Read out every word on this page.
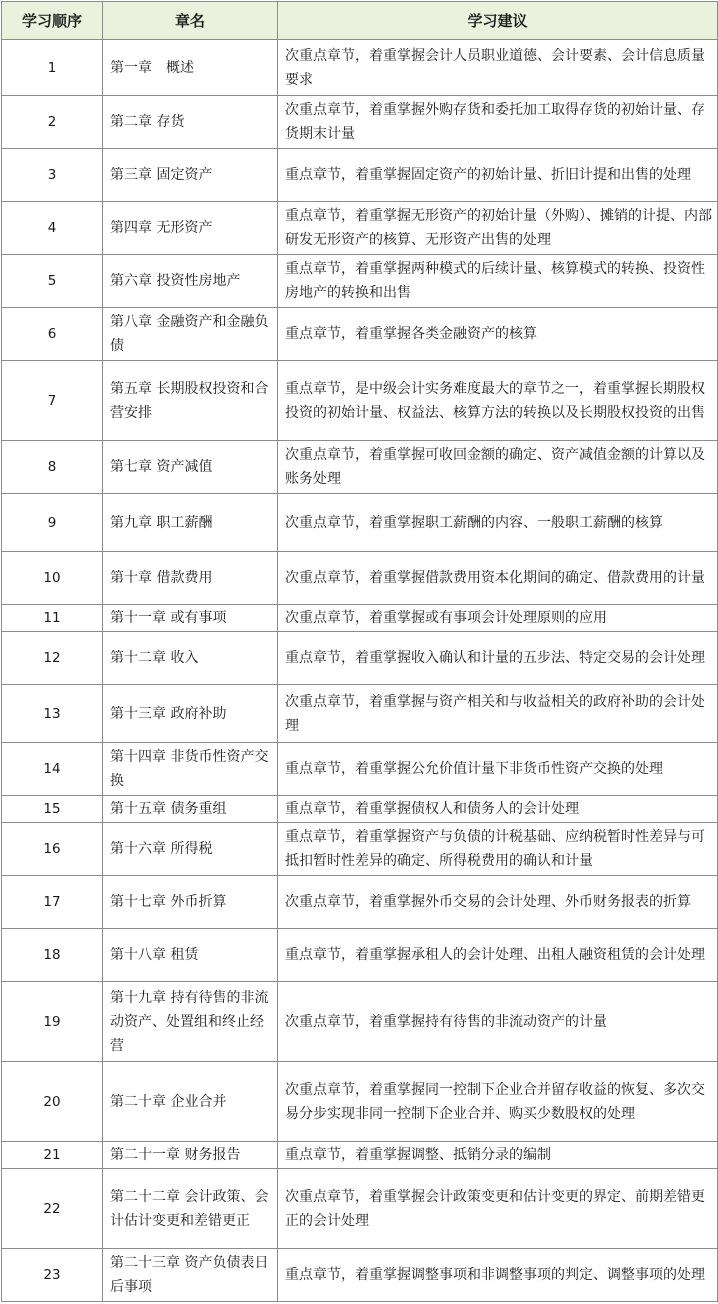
学习顺序	章名	学习建议
1	第一章　概述	次重点章节，着重掌握会计人员职业道德、会计要素、会计信息质量要求
2	第二章 存货	次重点章节，着重掌握外购存货和委托加工取得存货的初始计量、存货期末计量
3	第三章 固定资产	重点章节，着重掌握固定资产的初始计量、折旧计提和出售的处理
4	第四章 无形资产	重点章节，着重掌握无形资产的初始计量（外购）、摊销的计提、内部研发无形资产的核算、无形资产出售的处理
5	第六章 投资性房地产	重点章节，着重掌握两种模式的后续计量、核算模式的转换、投资性房地产的转换和出售
6	第八章 金融资产和金融负债	重点章节，着重掌握各类金融资产的核算
7	第五章 长期股权投资和合营安排	重点章节，是中级会计实务难度最大的章节之一，着重掌握长期股权投资的初始计量、权益法、核算方法的转换以及长期股权投资的出售
8	第七章 资产减值	次重点章节，着重掌握可收回金额的确定、资产减值金额的计算以及账务处理
9	第九章 职工薪酬	次重点章节，着重掌握职工薪酬的内容、一般职工薪酬的核算
10	第十章 借款费用	次重点章节，着重掌握借款费用资本化期间的确定、借款费用的计量
11	第十一章 或有事项	次重点章节，着重掌握或有事项会计处理原则的应用
12	第十二章 收入	重点章节，着重掌握收入确认和计量的五步法、特定交易的会计处理
13	第十三章 政府补助	次重点章节，着重掌握与资产相关和与收益相关的政府补助的会计处理
14	第十四章 非货币性资产交换	重点章节，着重掌握公允价值计量下非货币性资产交换的处理
15	第十五章 债务重组	重点章节，着重掌握债权人和债务人的会计处理
16	第十六章 所得税	重点章节，着重掌握资产与负债的计税基础、应纳税暂时性差异与可抵扣暂时性差异的确定、所得税费用的确认和计量
17	第十七章 外币折算	次重点章节，着重掌握外币交易的会计处理、外币财务报表的折算
18	第十八章 租赁	重点章节，着重掌握承租人的会计处理、出租人融资租赁的会计处理
19	第十九章 持有待售的非流动资产、处置组和终止经营	次重点章节，着重掌握持有待售的非流动资产的计量
20	第二十章 企业合并	次重点章节，着重掌握同一控制下企业合并留存收益的恢复、多次交易分步实现非同一控制下企业合并、购买少数股权的处理
21	第二十一章 财务报告	重点章节，着重掌握调整、抵销分录的编制
22	第二十二章 会计政策、会计估计变更和差错更正	次重点章节，着重掌握会计政策变更和估计变更的界定、前期差错更正的会计处理
23	第二十三章 资产负债表日后事项	重点章节，着重掌握调整事项和非调整事项的判定、调整事项的处理
